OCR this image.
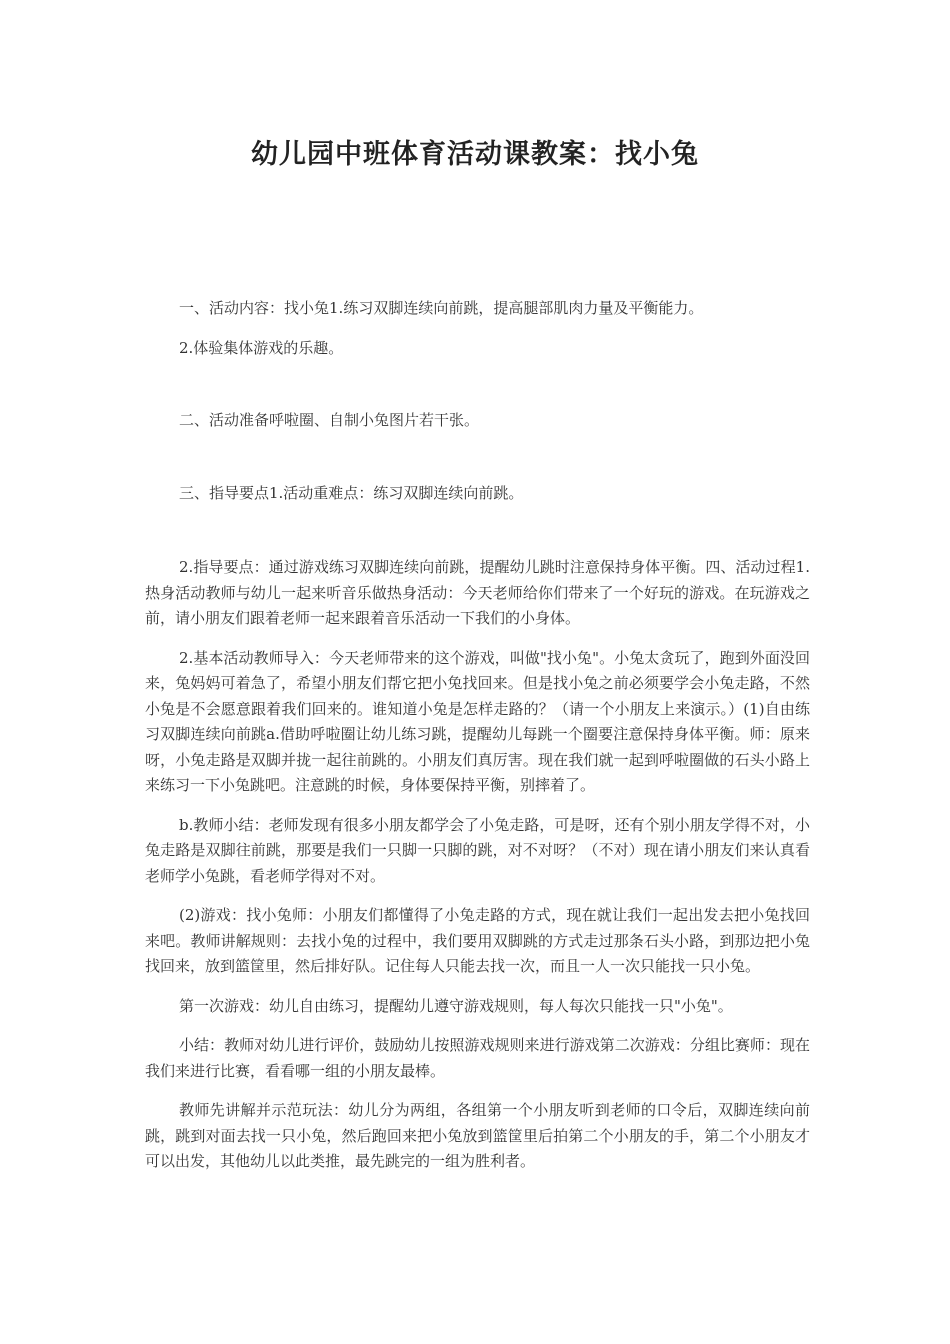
幼儿园中班体育活动课教案：找小兔

一、活动内容：找小兔1.练习双脚连续向前跳，提高腿部肌肉力量及平衡能力。

2.体验集体游戏的乐趣。

二、活动准备呼啦圈、自制小兔图片若干张。

三、指导要点1.活动重难点：练习双脚连续向前跳。

2.指导要点：通过游戏练习双脚连续向前跳，提醒幼儿跳时注意保持身体平衡。四、活动过程1.热身活动教师与幼儿一起来听音乐做热身活动：今天老师给你们带来了一个好玩的游戏。在玩游戏之前，请小朋友们跟着老师一起来跟着音乐活动一下我们的小身体。

2.基本活动教师导入：今天老师带来的这个游戏，叫做"找小兔"。小兔太贪玩了，跑到外面没回来，兔妈妈可着急了，希望小朋友们帮它把小兔找回来。但是找小兔之前必须要学会小兔走路，不然小兔是不会愿意跟着我们回来的。谁知道小兔是怎样走路的？（请一个小朋友上来演示。）(1)自由练习双脚连续向前跳a.借助呼啦圈让幼儿练习跳，提醒幼儿每跳一个圈要注意保持身体平衡。师：原来呀，小兔走路是双脚并拢一起往前跳的。小朋友们真厉害。现在我们就一起到呼啦圈做的石头小路上来练习一下小兔跳吧。注意跳的时候，身体要保持平衡，别摔着了。

b.教师小结：老师发现有很多小朋友都学会了小兔走路，可是呀，还有个别小朋友学得不对，小兔走路是双脚往前跳，那要是我们一只脚一只脚的跳，对不对呀？（不对）现在请小朋友们来认真看老师学小兔跳，看老师学得对不对。

(2)游戏：找小兔师：小朋友们都懂得了小兔走路的方式，现在就让我们一起出发去把小兔找回来吧。教师讲解规则：去找小兔的过程中，我们要用双脚跳的方式走过那条石头小路，到那边把小兔找回来，放到篮筐里，然后排好队。记住每人只能去找一次，而且一人一次只能找一只小兔。

第一次游戏：幼儿自由练习，提醒幼儿遵守游戏规则，每人每次只能找一只"小兔"。

小结：教师对幼儿进行评价，鼓励幼儿按照游戏规则来进行游戏第二次游戏：分组比赛师：现在我们来进行比赛，看看哪一组的小朋友最棒。

教师先讲解并示范玩法：幼儿分为两组，各组第一个小朋友听到老师的口令后，双脚连续向前跳，跳到对面去找一只小兔，然后跑回来把小兔放到篮筐里后拍第二个小朋友的手，第二个小朋友才可以出发，其他幼儿以此类推，最先跳完的一组为胜利者。
